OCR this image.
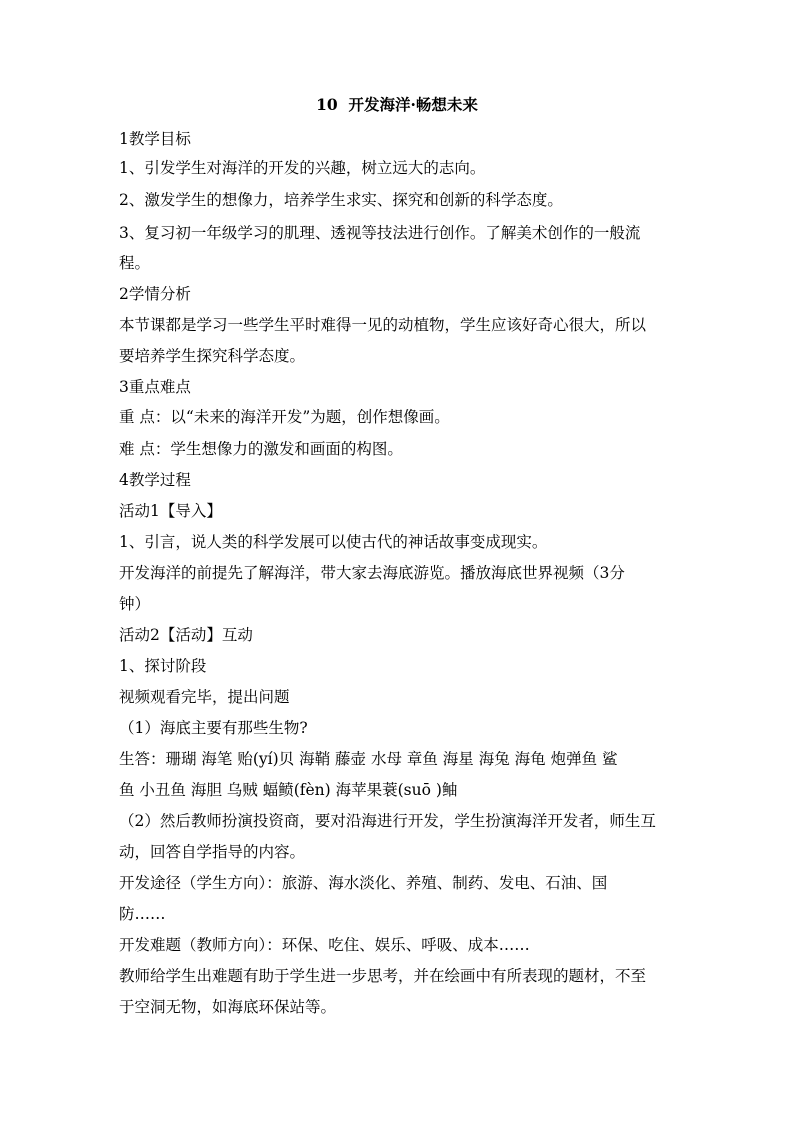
10  开发海洋·畅想未来
1教学目标
1、引发学生对海洋的开发的兴趣，树立远大的志向。
2、激发学生的想像力，培养学生求实、探究和创新的科学态度。
3、复习初一年级学习的肌理、透视等技法进行创作。了解美术创作的一般流
程。
2学情分析
本节课都是学习一些学生平时难得一见的动植物，学生应该好奇心很大，所以
要培养学生探究科学态度。
3重点难点
重 点：以“未来的海洋开发”为题，创作想像画。
难 点：学生想像力的激发和画面的构图。
4教学过程
活动1【导入】
1、引言，说人类的科学发展可以使古代的神话故事变成现实。
开发海洋的前提先了解海洋，带大家去海底游览。播放海底世界视频（3分
钟）
活动2【活动】互动
1、探讨阶段
视频观看完毕，提出问题
（1）海底主要有那些生物?
生答：珊瑚 海笔 贻(yí)贝 海鞘 藤壶 水母 章鱼 海星 海兔 海龟 炮弹鱼 鲨
鱼 小丑鱼 海胆 乌贼 蝠鲼(fèn) 海苹果蓑(suō )鲉
（2）然后教师扮演投资商，要对沿海进行开发，学生扮演海洋开发者，师生互
动，回答自学指导的内容。
开发途径（学生方向）：旅游、海水淡化、养殖、制药、发电、石油、国
防……
开发难题（教师方向）：环保、吃住、娱乐、呼吸、成本……
教师给学生出难题有助于学生进一步思考，并在绘画中有所表现的题材，不至
于空洞无物，如海底环保站等。
